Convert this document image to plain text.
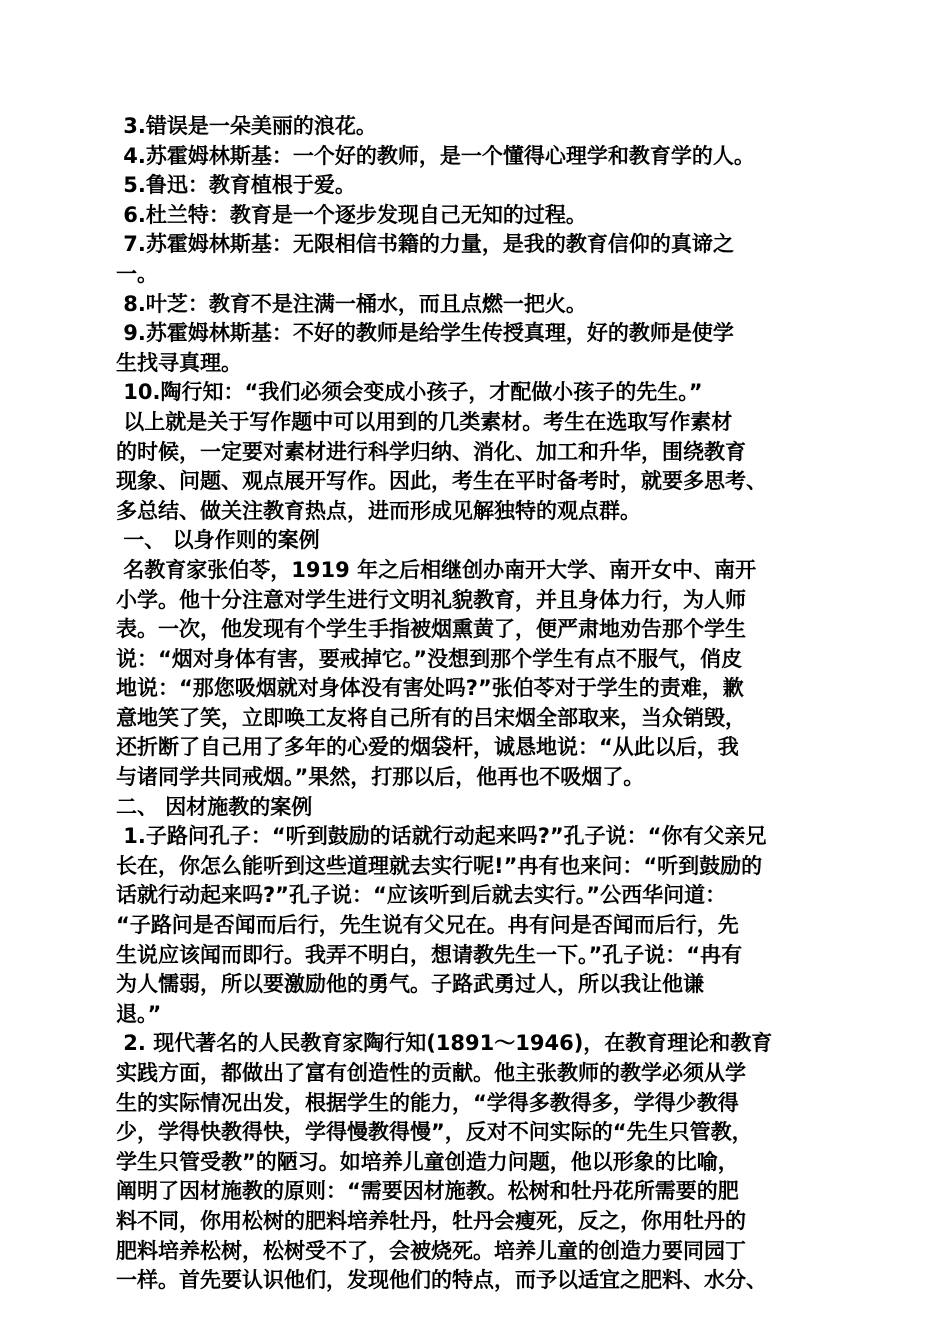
3.错误是一朵美丽的浪花。
4.苏霍姆林斯基：一个好的教师，是一个懂得心理学和教育学的人。
5.鲁迅：教育植根于爱。
6.杜兰特：教育是一个逐步发现自己无知的过程。
7.苏霍姆林斯基：无限相信书籍的力量，是我的教育信仰的真谛之
一。
8.叶芝：教育不是注满一桶水，而且点燃一把火。
9.苏霍姆林斯基：不好的教师是给学生传授真理，好的教师是使学
生找寻真理。
10.陶行知：“我们必须会变成小孩子，才配做小孩子的先生。”
以上就是关于写作题中可以用到的几类素材。考生在选取写作素材
的时候，一定要对素材进行科学归纳、消化、加工和升华，围绕教育
现象、问题、观点展开写作。因此，考生在平时备考时，就要多思考、
多总结、做关注教育热点，进而形成见解独特的观点群。
一、 以身作则的案例
名教育家张伯苓，1919 年之后相继创办南开大学、南开女中、南开
小学。他十分注意对学生进行文明礼貌教育，并且身体力行，为人师
表。一次，他发现有个学生手指被烟熏黄了，便严肃地劝告那个学生
说：“烟对身体有害，要戒掉它。”没想到那个学生有点不服气，俏皮
地说：“那您吸烟就对身体没有害处吗?”张伯苓对于学生的责难，歉
意地笑了笑，立即唤工友将自己所有的吕宋烟全部取来，当众销毁，
还折断了自己用了多年的心爱的烟袋杆，诚恳地说：“从此以后，我
与诸同学共同戒烟。”果然，打那以后，他再也不吸烟了。
二、 因材施教的案例
1.子路问孔子：“听到鼓励的话就行动起来吗?”孔子说：“你有父亲兄
长在，你怎么能听到这些道理就去实行呢!”冉有也来问：“听到鼓励的
话就行动起来吗?”孔子说：“应该听到后就去实行。”公西华问道：
“子路问是否闻而后行，先生说有父兄在。冉有问是否闻而后行，先
生说应该闻而即行。我弄不明白，想请教先生一下。”孔子说：“冉有
为人懦弱，所以要激励他的勇气。子路武勇过人，所以我让他谦
退。”
2. 现代著名的人民教育家陶行知(1891～1946)，在教育理论和教育
实践方面，都做出了富有创造性的贡献。他主张教师的教学必须从学
生的实际情况出发，根据学生的能力，“学得多教得多，学得少教得
少，学得快教得快，学得慢教得慢”，反对不问实际的“先生只管教，
学生只管受教”的陋习。如培养儿童创造力问题，他以形象的比喻，
阐明了因材施教的原则：“需要因材施教。松树和牡丹花所需要的肥
料不同，你用松树的肥料培养牡丹，牡丹会瘦死，反之，你用牡丹的
肥料培养松树，松树受不了，会被烧死。培养儿童的创造力要同园丁
一样。首先要认识他们，发现他们的特点，而予以适宜之肥料、水分、
